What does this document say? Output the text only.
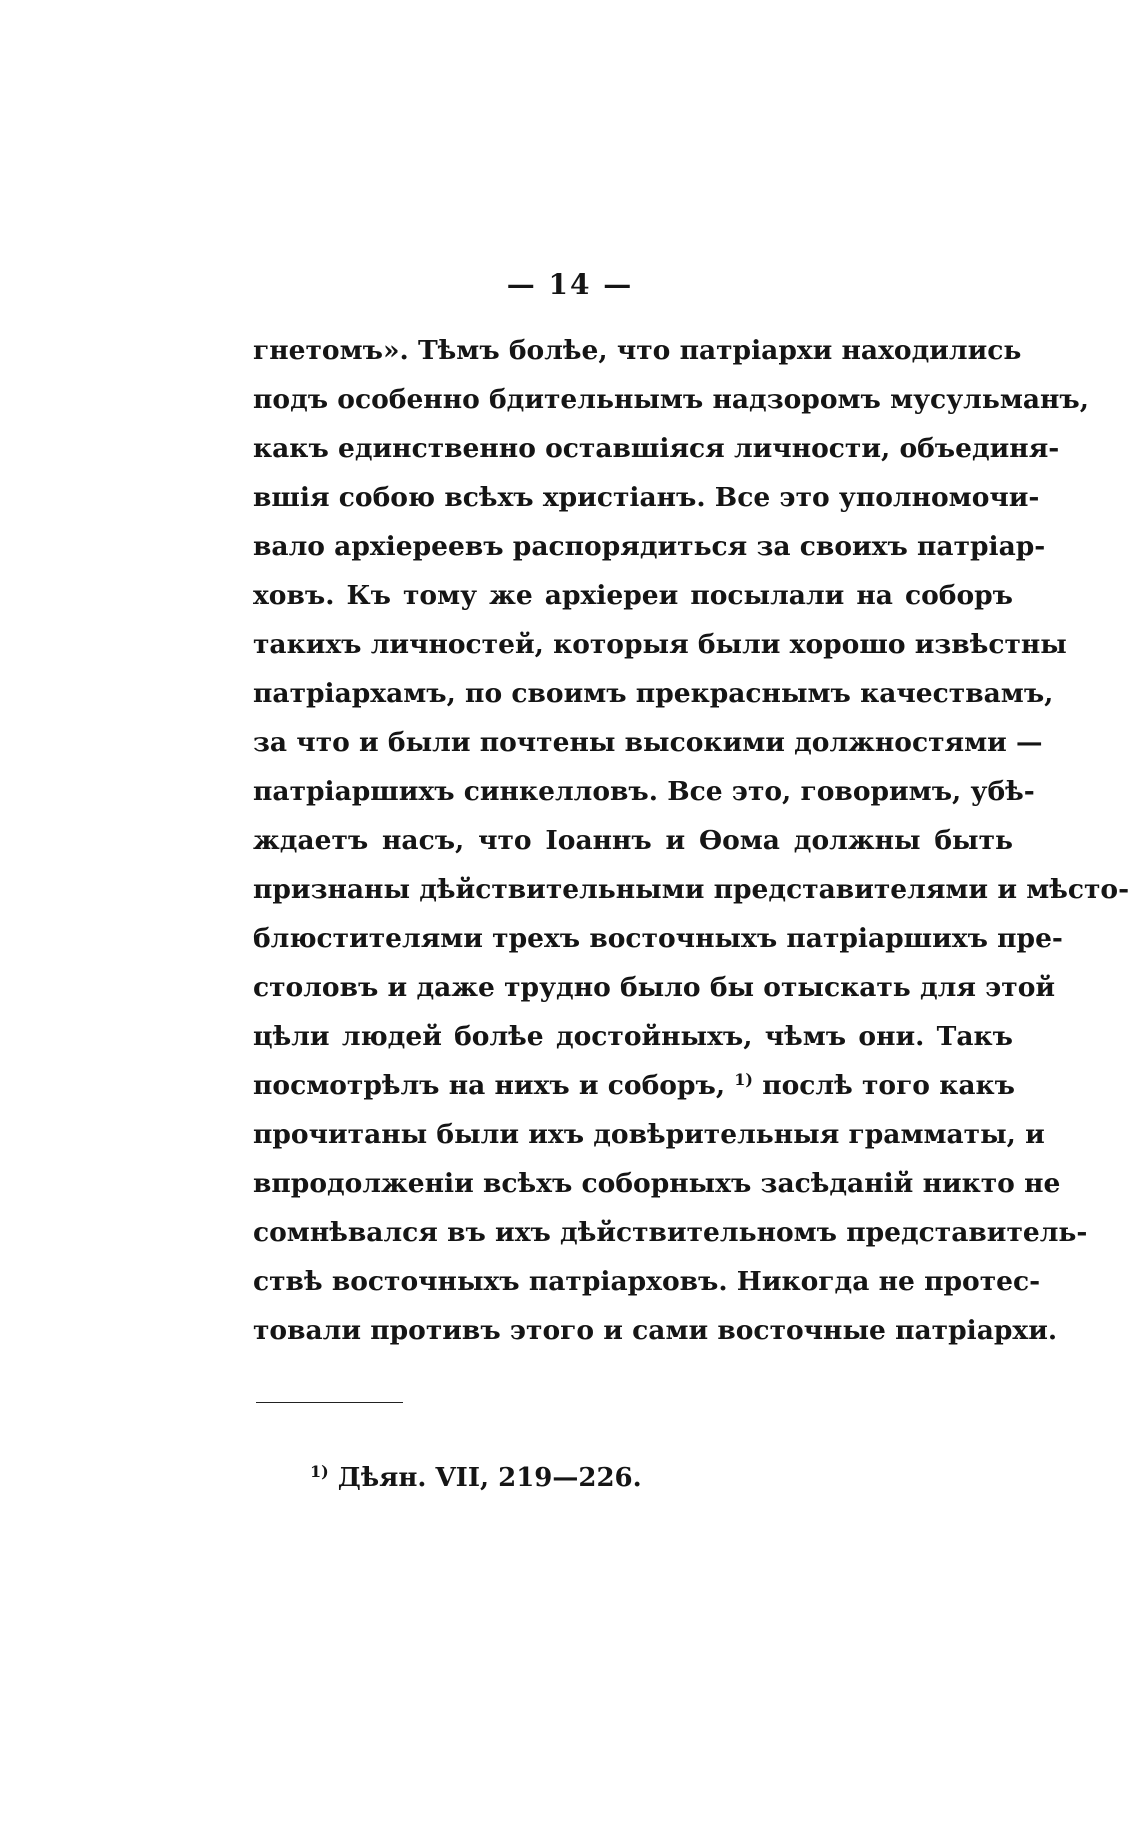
— 14 —
гнетомъ». Тѣмъ болѣе, что патріархи находились
подъ особенно бдительнымъ надзоромъ мусульманъ,
какъ единственно оставшіяся личности, объединя-
вшія собою всѣхъ христіанъ. Все это уполномочи-
вало архіереевъ распорядиться за своихъ патріар-
ховъ. Къ тому же архіереи посылали на соборъ
такихъ личностей, которыя были хорошо извѣстны
патріархамъ, по своимъ прекраснымъ качествамъ,
за что и были почтены высокими должностями —
патріаршихъ синкелловъ. Все это, говоримъ, убѣ-
ждаетъ насъ, что Іоаннъ и Ѳома должны быть
признаны дѣйствительными представителями и мѣсто-
блюстителями трехъ восточныхъ патріаршихъ пре-
столовъ и даже трудно было бы отыскать для этой
цѣли людей болѣе достойныхъ, чѣмъ они. Такъ
посмотрѣлъ на нихъ и соборъ, $^{1)}$ послѣ того какъ
прочитаны были ихъ довѣрительныя грамматы, и
впродолженіи всѣхъ соборныхъ засѣданій никто не
сомнѣвался въ ихъ дѣйствительномъ представитель-
ствѣ восточныхъ патріарховъ. Никогда не протес-
товали противъ этого и сами восточные патріархи.
$^{1)}$ Дѣян. VII, 219—226.
